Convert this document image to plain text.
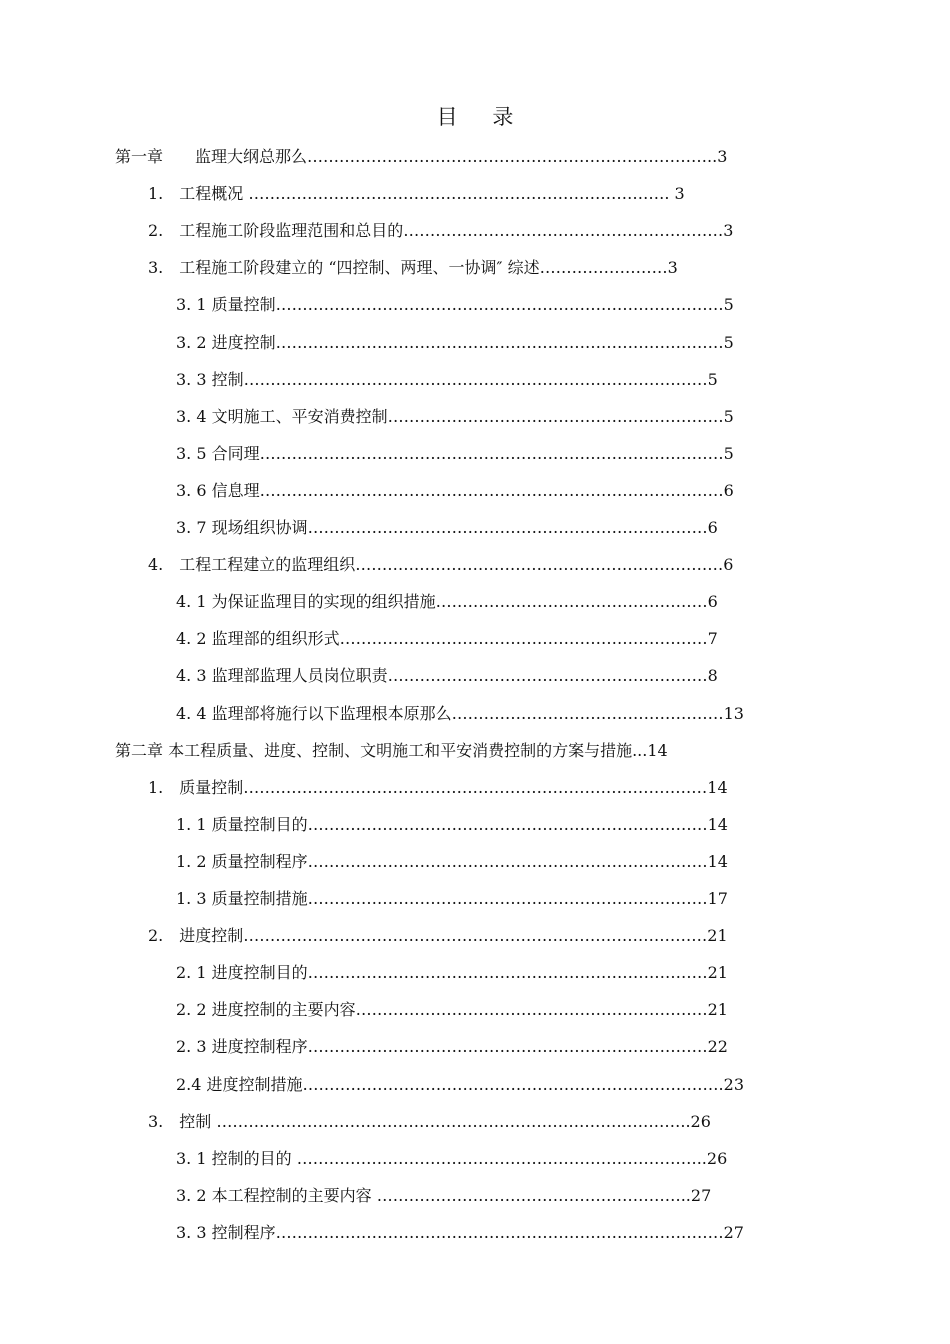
目 录
第一章　　监理大纲总那么…………………………………………………………………..3
1.　工程概况 ……………………………………………………………………. 3
2.　工程施工阶段监理范围和总目的……………………………………………………3
3.　工程施工阶段建立的 “四控制、两理、一协调″ 综述……………………3
3. 1 质量控制…………………………………………………………………………5
3. 2 进度控制…………………………………………………………………………5
3. 3 控制……………………………………………………………………………5
3. 4 文明施工、平安消费控制………………………………………………………5
3. 5 合同理……………………………………………………………………………5
3. 6 信息理……………………………………………………………………………6
3. 7 现场组织协调…………………………………………………………………6
4.　工程工程建立的监理组织……………………………………………………………6
4. 1 为保证监理目的实现的组织措施……………………………………………6
4. 2 监理部的组织形式……………………………………………………………7
4. 3 监理部监理人员岗位职责……………………………………………………8
4. 4 监理部将施行以下监理根本原那么……………………………………………13
第二章 本工程质量、进度、控制、文明施工和平安消费控制的方案与措施...14
1.　质量控制……………………………………………………………………………14
1. 1 质量控制目的…………………………………………………………………14
1. 2 质量控制程序…………………………………………………………………14
1. 3 质量控制措施…………………………………………………………………17
2.　进度控制……………………………………………………………………………21
2. 1 进度控制目的…………………………………………………………………21
2. 2 进度控制的主要内容…………………………………………………………21
2. 3 进度控制程序…………………………………………………………………22
2.4 进度控制措施…………………………………………………………………….23
3.　控制 ……………………………………………………………………………..26
3. 1 控制的目的 …………………………………………………………………..26
3. 2 本工程控制的主要内容 …………………………………………………..27
3. 3 控制程序…………………………………………………………………………27
